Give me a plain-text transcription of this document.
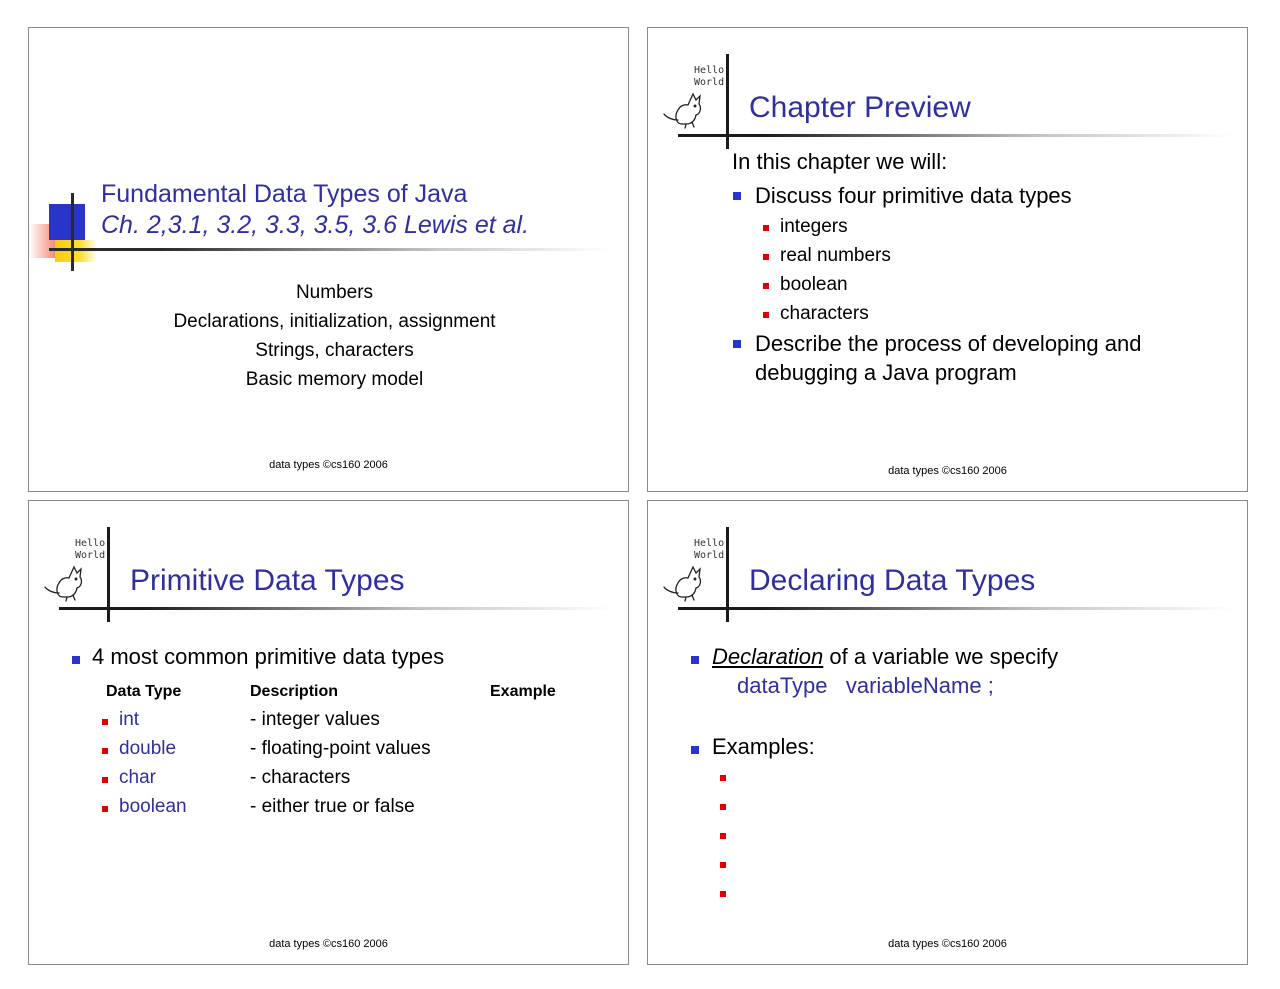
Fundamental Data Types of Java
Ch. 2,3.1, 3.2, 3.3, 3.5, 3.6 Lewis et al.
Numbers
Declarations, initialization, assignment
Strings, characters
Basic memory model
data types ©cs160 2006
Hello
World
Chapter Preview
In this chapter we will:
Discuss four primitive data types
integers
real numbers
boolean
characters
Describe the process of developing and
debugging a Java program
data types ©cs160 2006
Hello
World
Primitive Data Types
4 most common primitive data types
Data Type	Description	Example
int	- integer values
double	- floating-point values
char	- characters
boolean	- either true or false
data types ©cs160 2006
Hello
World
Declaring Data Types
Declaration of a variable we specify
dataType   variableName ;
Examples:
data types ©cs160 2006
